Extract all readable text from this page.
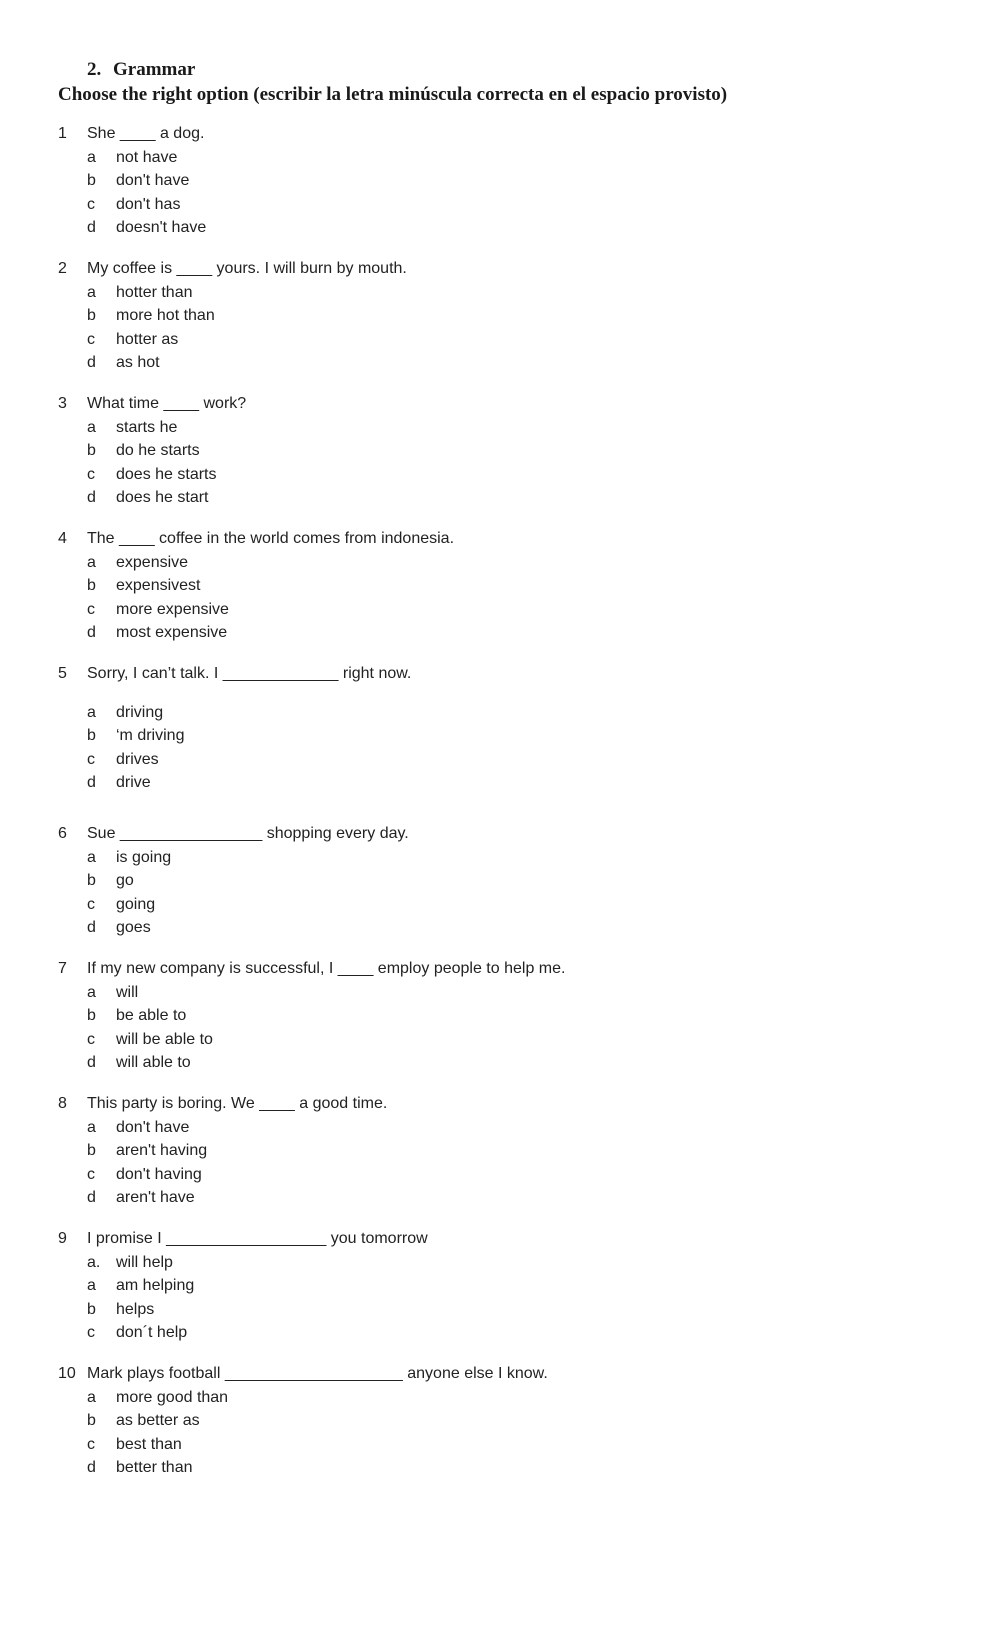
2. Grammar
Choose the right option (escribir la letra minúscula correcta en el espacio provisto)
1	She ____ a dog.
a	not have
b	don't have
c	don't has
d	doesn't have
2	My coffee is ____ yours. I will burn by mouth.
a	hotter than
b	more hot than
c	hotter as
d	as hot
3	What time ____ work?
a	starts he
b	do he starts
c	does he starts
d	does he start
4	The ____ coffee in the world comes from indonesia.
a	expensive
b	expensivest
c	more expensive
d	most expensive
5	Sorry, I can’t talk. I _____________ right now.
a	driving
b	‘m driving
c	drives
d	drive
6	Sue ________________ shopping every day.
a	is going
b	go
c	going
d	goes
7	If my new company is successful, I ____ employ people to help me.
a	will
b	be able to
c	will be able to
d	will able to
8	This party is boring. We ____ a good time.
a	don't have
b	aren't having
c	don't having
d	aren't have
9	I promise I __________________ you tomorrow
a. will help
a	am helping
b	helps
c	don´t help
10 Mark plays football ____________________ anyone else I know.
a	more good than
b	as better as
c	best than
d	better than
